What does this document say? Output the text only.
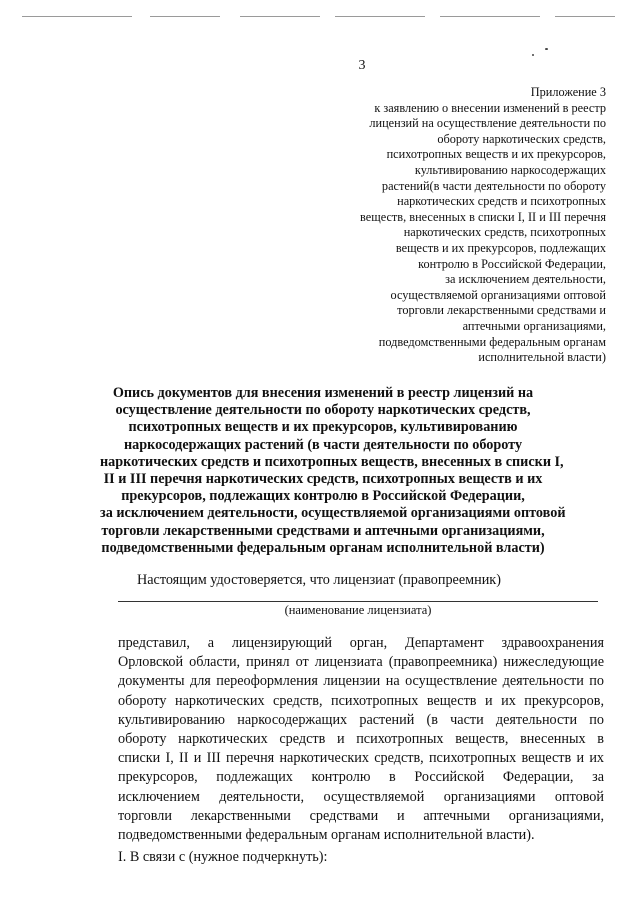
3
Приложение 3
к заявлению о внесении изменений в реестр
лицензий на осуществление деятельности по
обороту наркотических средств,
психотропных веществ и их прекурсоров,
культивированию наркосодержащих
растений(в части деятельности по обороту
наркотических средств и психотропных
веществ, внесенных в списки I, II и III перечня
наркотических средств, психотропных
веществ и их прекурсоров, подлежащих
контролю в Российской Федерации,
за исключением деятельности,
осуществляемой организациями оптовой
торговли лекарственными средствами и
аптечными организациями,
подведомственными федеральным органам
исполнительной власти)
Опись документов для внесения изменений в реестр лицензий на
осуществление деятельности по обороту наркотических средств,
психотропных веществ и их прекурсоров, культивированию
наркосодержащих растений (в части деятельности по обороту
наркотических средств и психотропных веществ, внесенных в списки I,
II и III перечня наркотических средств, психотропных веществ и их
прекурсоров, подлежащих контролю в Российской Федерации,
за исключением деятельности, осуществляемой организациями оптовой
торговли лекарственными средствами и аптечными организациями,
подведомственными федеральным органам исполнительной власти)
Настоящим удостоверяется, что лицензиат (правопреемник)
(наименование лицензиата)
представил, а лицензирующий орган, Департамент здравоохранения
Орловской области, принял от лицензиата (правопреемника) нижеследующие
документы для переоформления лицензии на осуществление деятельности по
обороту наркотических средств, психотропных веществ и их прекурсоров,
культивированию наркосодержащих растений (в части деятельности по
обороту наркотических средств и психотропных веществ, внесенных в
списки I, II и III перечня наркотических средств, психотропных веществ и их
прекурсоров, подлежащих контролю в Российской Федерации, за
исключением деятельности, осуществляемой организациями оптовой
торговли лекарственными средствами и аптечными организациями,
подведомственными федеральным органам исполнительной власти).
I. В связи с (нужное подчеркнуть):
